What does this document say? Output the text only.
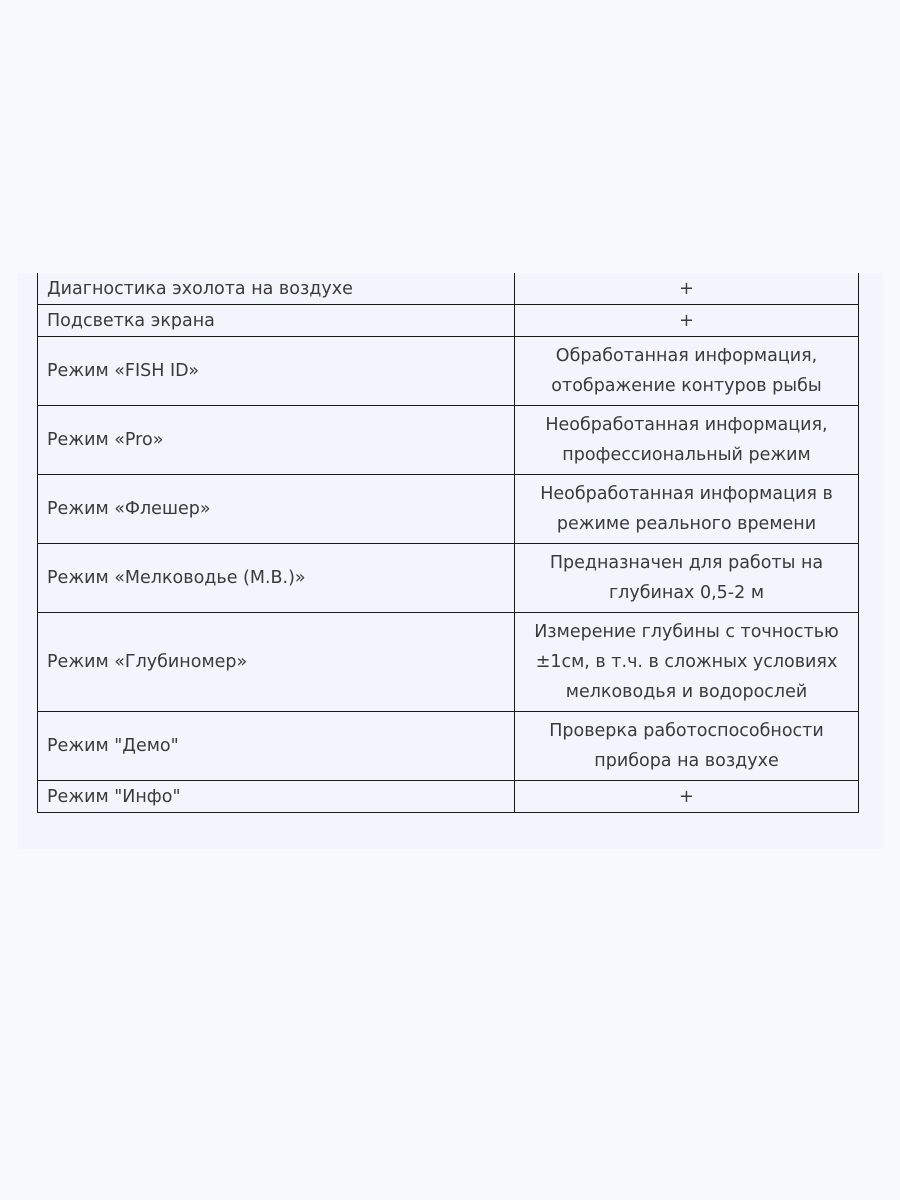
Диагностика эхолота на воздухе	+

Подсветка экрана	+

Режим «FISH ID»	Обработанная информация,
отображение контуров рыбы

Режим «Pro»	Необработанная информация,
профессиональный режим

Режим «Флешер»	Необработанная информация в
режиме реального времени

Режим «Мелководье (М.В.)»	Предназначен для работы на
глубинах 0,5-2 м

Режим «Глубиномер»	Измерение глубины с точностью
±1см, в т.ч. в сложных условиях
мелководья и водорослей

Режим "Демо"	Проверка работоспособности
прибора на воздухе

Режим "Инфо"	+
